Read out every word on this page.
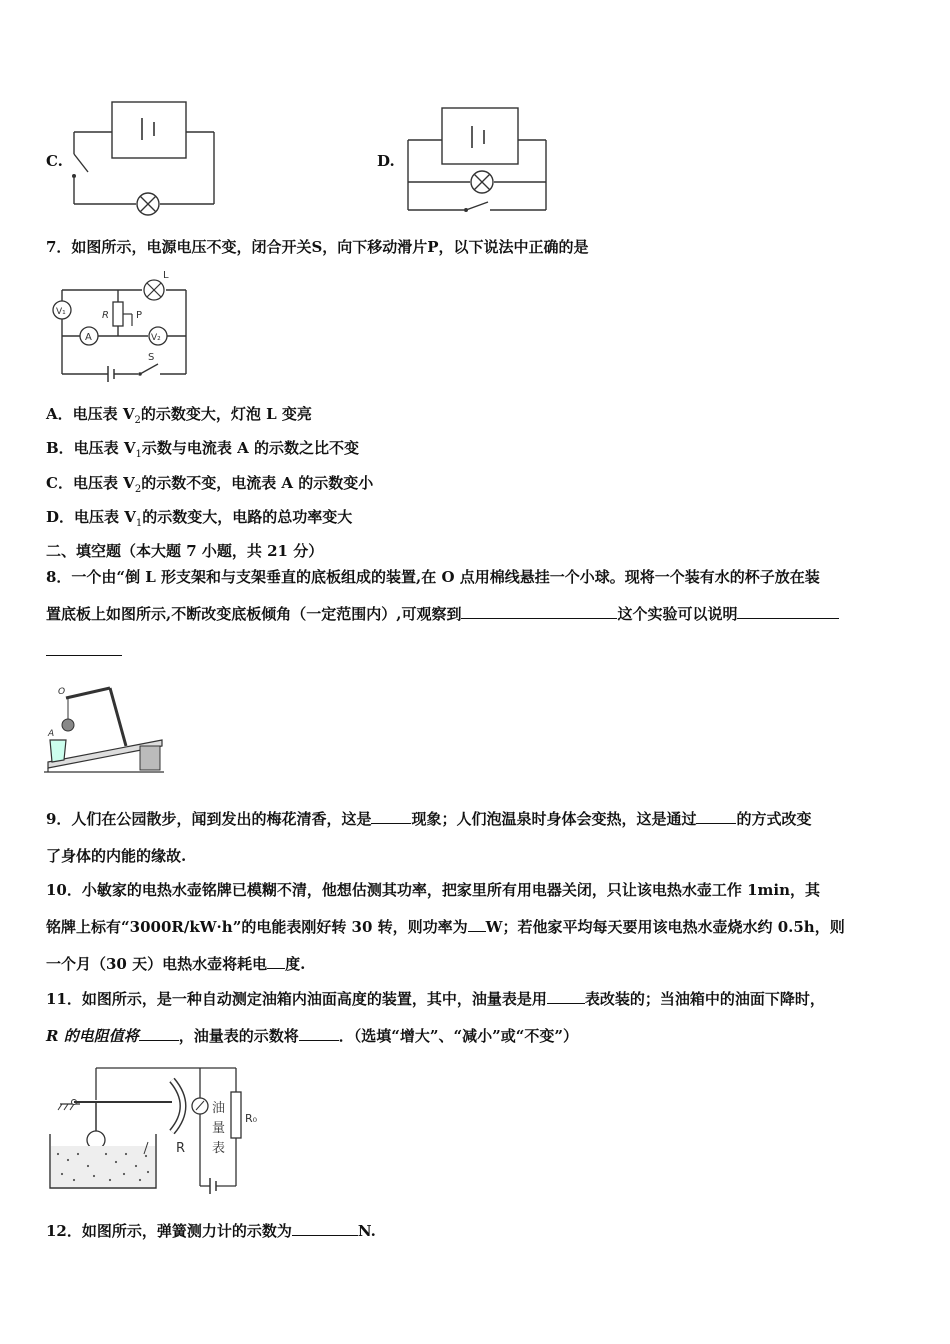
C.	D.
7．如图所示，电源电压不变，闭合开关S，向下移动滑片P，以下说法中正确的是
L
V₁
A	V₂
R	P
S
A．电压表 $V_2$的示数变大，灯泡 L 变亮
B．电压表 $V_1$示数与电流表 A 的示数之比不变
C．电压表 $V_2$的示数不变，电流表 A 的示数变小
D．电压表 $V_1$的示数变大，电路的总功率变大
二、填空题（本大题 7 小题，共 21 分）
8．一个由“倒 L 形支架和与支架垂直的底板组成的装置,在 O 点用棉线悬挂一个小球。现将一个装有水的杯子放在装
置底板上如图所示,不断改变底板倾角（一定范围内）,可观察到	这个实验可以说明
O
A
9．人们在公园散步，闻到发出的梅花清香，这是	现象；人们泡温泉时身体会变热，这是通过	的方式改变
了身体的内能的缘故.
10．小敏家的电热水壶铭牌已模糊不清，他想估测其功率，把家里所有用电器关闭，只让该电热水壶工作 1min，其
铭牌上标有“3000R/kW·h”的电能表刚好转 30 转，则功率为 W；若他家平均每天要用该电热水壶烧水约 0.5h，则
一个月（30 天）电热水壶将耗电 度.
11．如图所示，是一种自动测定油箱内油面高度的装置，其中，油量表是用	表改装的；当油箱中的油面下降时，
R 的电阻值将	，油量表的示数将	．（选填“增大”、“减小”或“不变”）
R
R₀
油
量
表
12．如图所示，弹簧测力计的示数为	N.
